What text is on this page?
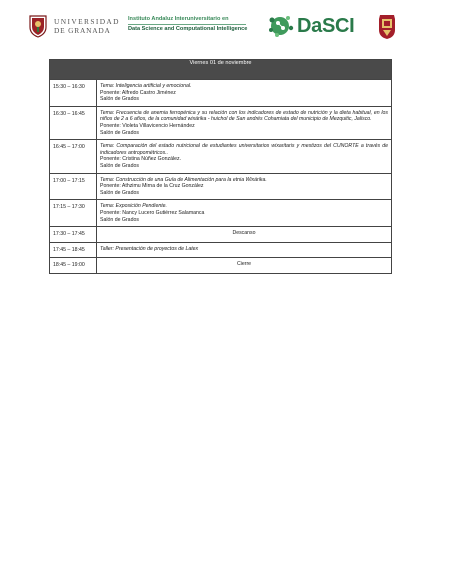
UNIVERSIDAD
DE GRANADA
Instituto Andaluz Interuniversitario en
Data Science and Computational Intelligence DaSCI
Viernes 01 de noviembre	
15:30 – 16:30	Tema: Inteligencia artificial y emocional.
Ponente: Alfredo Castro Jiménez
Salón de Grados

16:30 – 16:45	Tema: Frecuencia de anemia ferropénica y su relación con los indicadores de estado de nutrición y la dieta habitual, en los niños de 2 a 6 años, de la comunidad wixárika - huichol de San andrés Cohamiata del municipio de Mezquitic, Jalisco.
Ponente: Violeta Villavicencio Hernández
Salón de Grados

16:45 – 17:00	Tema: Comparación del estado nutricional de estudiantes universitarios wixaritaris y mestizos del CUNORTE a través de indicadores antropométricos..
Ponente: Cristina Núñez González.
Salón de Grados

17:00 – 17:15	Tema: Construcción de una Guía de Alimentación para la etnia Wixárika.
Ponente: Athzimu Mirna de la Cruz González
Salón de Grados

17:15 – 17:30	Tema: Exposición Pendiente.
Ponente: Nancy Lucero Gutiérrez Salamanca
Salón de Grados

17:30 – 17:45	Descanso
17:45 – 18:45	Taller: Presentación de proyectos de Latex
18:45 – 19:00	Cierre
